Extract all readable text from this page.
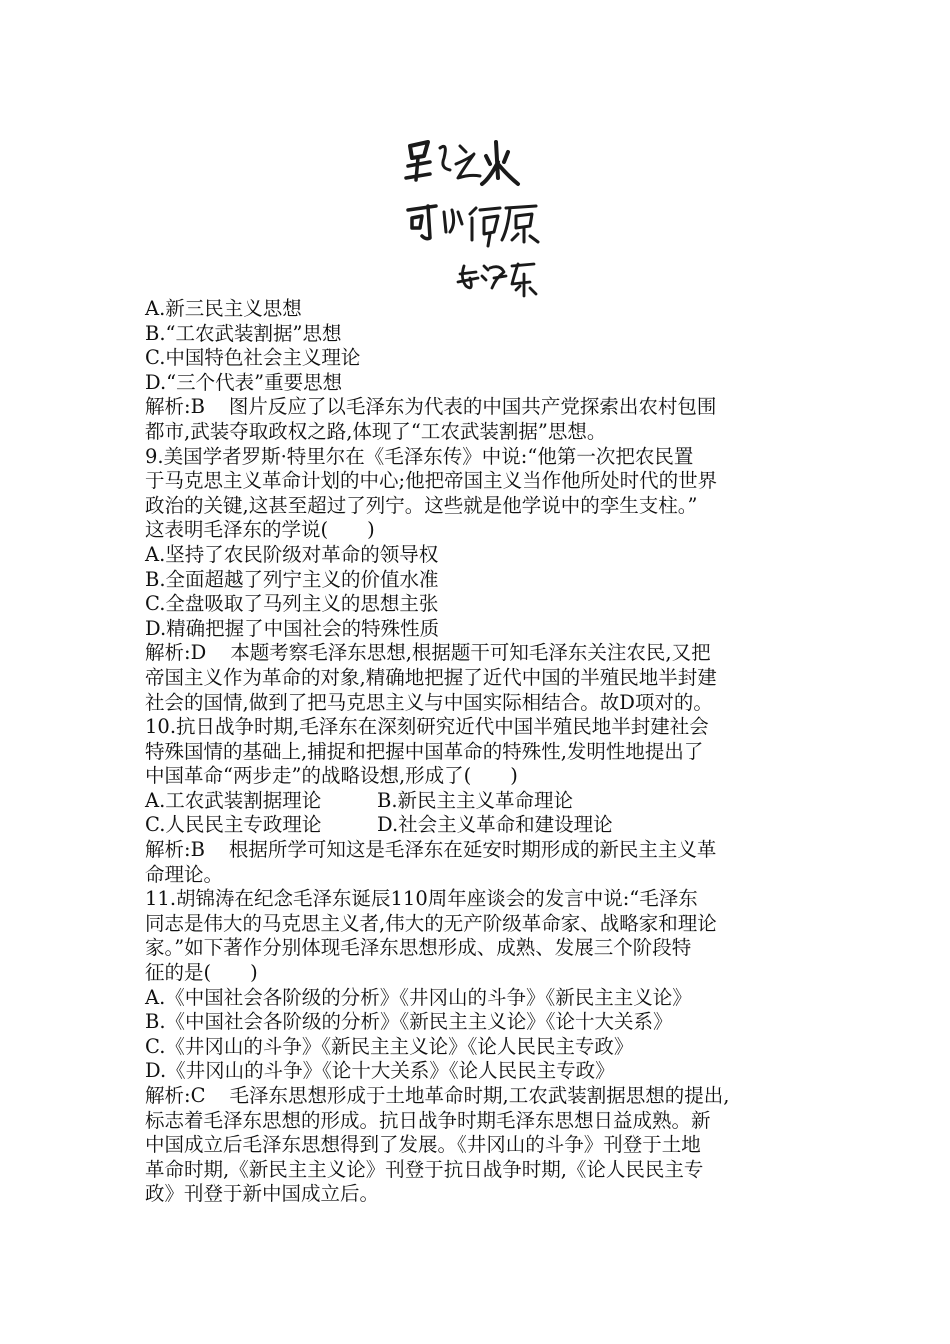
星星之火
A.新三民主义思想
B.“工农武装割据”思想
C.中国特色社会主义理论
D.“三个代表”重要思想
解析:B 图片反应了以毛泽东为代表的中国共产党探索出农村包围
都市,武装夺取政权之路,体现了“工农武装割据”思想。
9.美国学者罗斯·特里尔在《毛泽东传》中说:“他第一次把农民置
于马克思主义革命计划的中心;他把帝国主义当作他所处时代的世界
政治的关键,这甚至超过了列宁。这些就是他学说中的孪生支柱。”
这表明毛泽东的学说(　　)
A.坚持了农民阶级对革命的领导权
B.全面超越了列宁主义的价值水准
C.全盘吸取了马列主义的思想主张
D.精确把握了中国社会的特殊性质
解析:D 本题考察毛泽东思想,根据题干可知毛泽东关注农民,又把
帝国主义作为革命的对象,精确地把握了近代中国的半殖民地半封建
社会的国情,做到了把马克思主义与中国实际相结合。故D项对的。
10.抗日战争时期,毛泽东在深刻研究近代中国半殖民地半封建社会
特殊国情的基础上,捕捉和把握中国革命的特殊性,发明性地提出了
中国革命“两步走”的战略设想,形成了(　　)
A.工农武装割据理论	B.新民主主义革命理论
C.人民民主专政理论	D.社会主义革命和建设理论
解析:B 根据所学可知这是毛泽东在延安时期形成的新民主主义革
命理论。
11.胡锦涛在纪念毛泽东诞辰110周年座谈会的发言中说:“毛泽东
同志是伟大的马克思主义者,伟大的无产阶级革命家、战略家和理论
家。”如下著作分别体现毛泽东思想形成、成熟、发展三个阶段特
征的是(　　)
A.《中国社会各阶级的分析》《井冈山的斗争》《新民主主义论》
B.《中国社会各阶级的分析》《新民主主义论》《论十大关系》
C.《井冈山的斗争》《新民主主义论》《论人民民主专政》
D.《井冈山的斗争》《论十大关系》《论人民民主专政》
解析:C 毛泽东思想形成于土地革命时期,工农武装割据思想的提出,
标志着毛泽东思想的形成。抗日战争时期毛泽东思想日益成熟。新
中国成立后毛泽东思想得到了发展。《井冈山的斗争》刊登于土地
革命时期,《新民主主义论》刊登于抗日战争时期,《论人民民主专
政》刊登于新中国成立后。
